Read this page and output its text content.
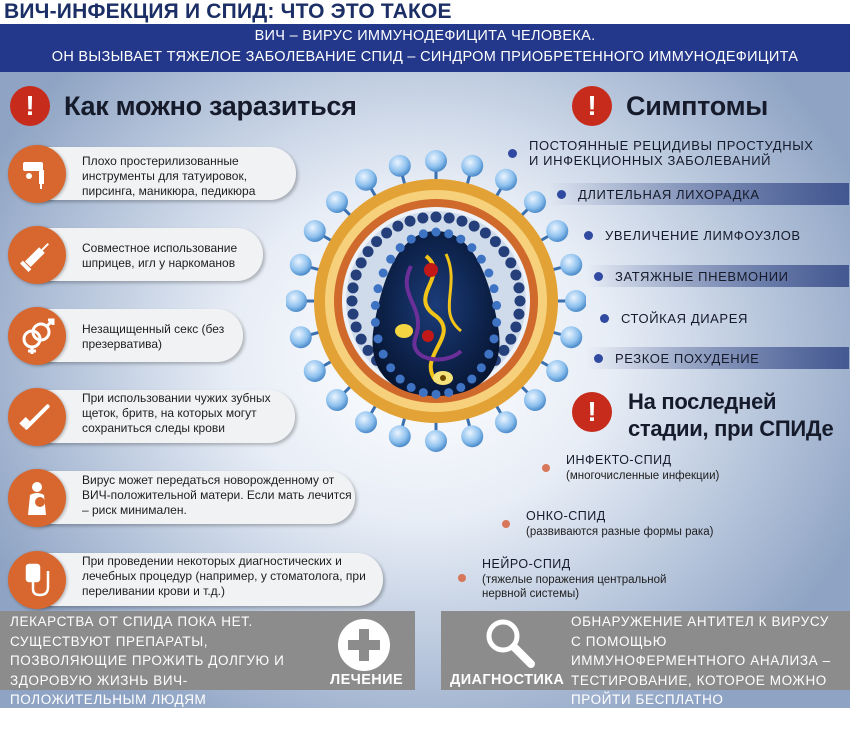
ВИЧ-ИНФЕКЦИЯ И СПИД: ЧТО ЭТО ТАКОЕ
ВИЧ – ВИРУС ИММУНОДЕФИЦИТА ЧЕЛОВЕКА.
ОН ВЫЗЫВАЕТ ТЯЖЕЛОЕ ЗАБОЛЕВАНИЕ СПИД – СИНДРОМ ПРИОБРЕТЕННОГО ИММУНОДЕФИЦИТА
!	Как можно заразиться
Плохо простерилизованные инструменты для татуировок, пирсинга, маникюра, педикюра
Совместное использование шприцев, игл у наркоманов
Незащищенный секс (без презерватива)
При использовании чужих зубных щеток, бритв, на которых могут сохраниться следы крови
Вирус может передаться новорожденному от ВИЧ-положительной матери. Если мать лечится – риск минимален.
При проведении некоторых диагностических и лечебных процедур (например, у стоматолога, при переливании крови и т.д.)
!	Симптомы
ПОСТОЯННЫЕ РЕЦИДИВЫ ПРОСТУДНЫХ И ИНФЕКЦИОННЫХ ЗАБОЛЕВАНИЙ
ДЛИТЕЛЬНАЯ ЛИХОРАДКА
УВЕЛИЧЕНИЕ ЛИМФОУЗЛОВ
ЗАТЯЖНЫЕ ПНЕВМОНИИ
СТОЙКАЯ ДИАРЕЯ
РЕЗКОЕ ПОХУДЕНИЕ
!	На последней
стадии, при СПИДе
ИНФЕКТО-СПИД
(многочисленные инфекции)
ОНКО-СПИД
(развиваются разные формы рака)
НЕЙРО-СПИД
(тяжелые поражения центральной нервной системы)
ЛЕКАРСТВА ОТ СПИДА ПОКА НЕТ. СУЩЕСТВУЮТ ПРЕПАРАТЫ, ПОЗВОЛЯЮЩИЕ ПРОЖИТЬ ДОЛГУЮ И ЗДОРОВУЮ ЖИЗНЬ ВИЧ-ПОЛОЖИТЕЛЬНЫМ ЛЮДЯМ
ЛЕЧЕНИЕ	ДИАГНОСТИКА
ОБНАРУЖЕНИЕ АНТИТЕЛ К ВИРУСУ С ПОМОЩЬЮ ИММУНОФЕРМЕНТНОГО АНАЛИЗА – ТЕСТИРОВАНИЕ, КОТОРОЕ МОЖНО ПРОЙТИ БЕСПЛАТНО
